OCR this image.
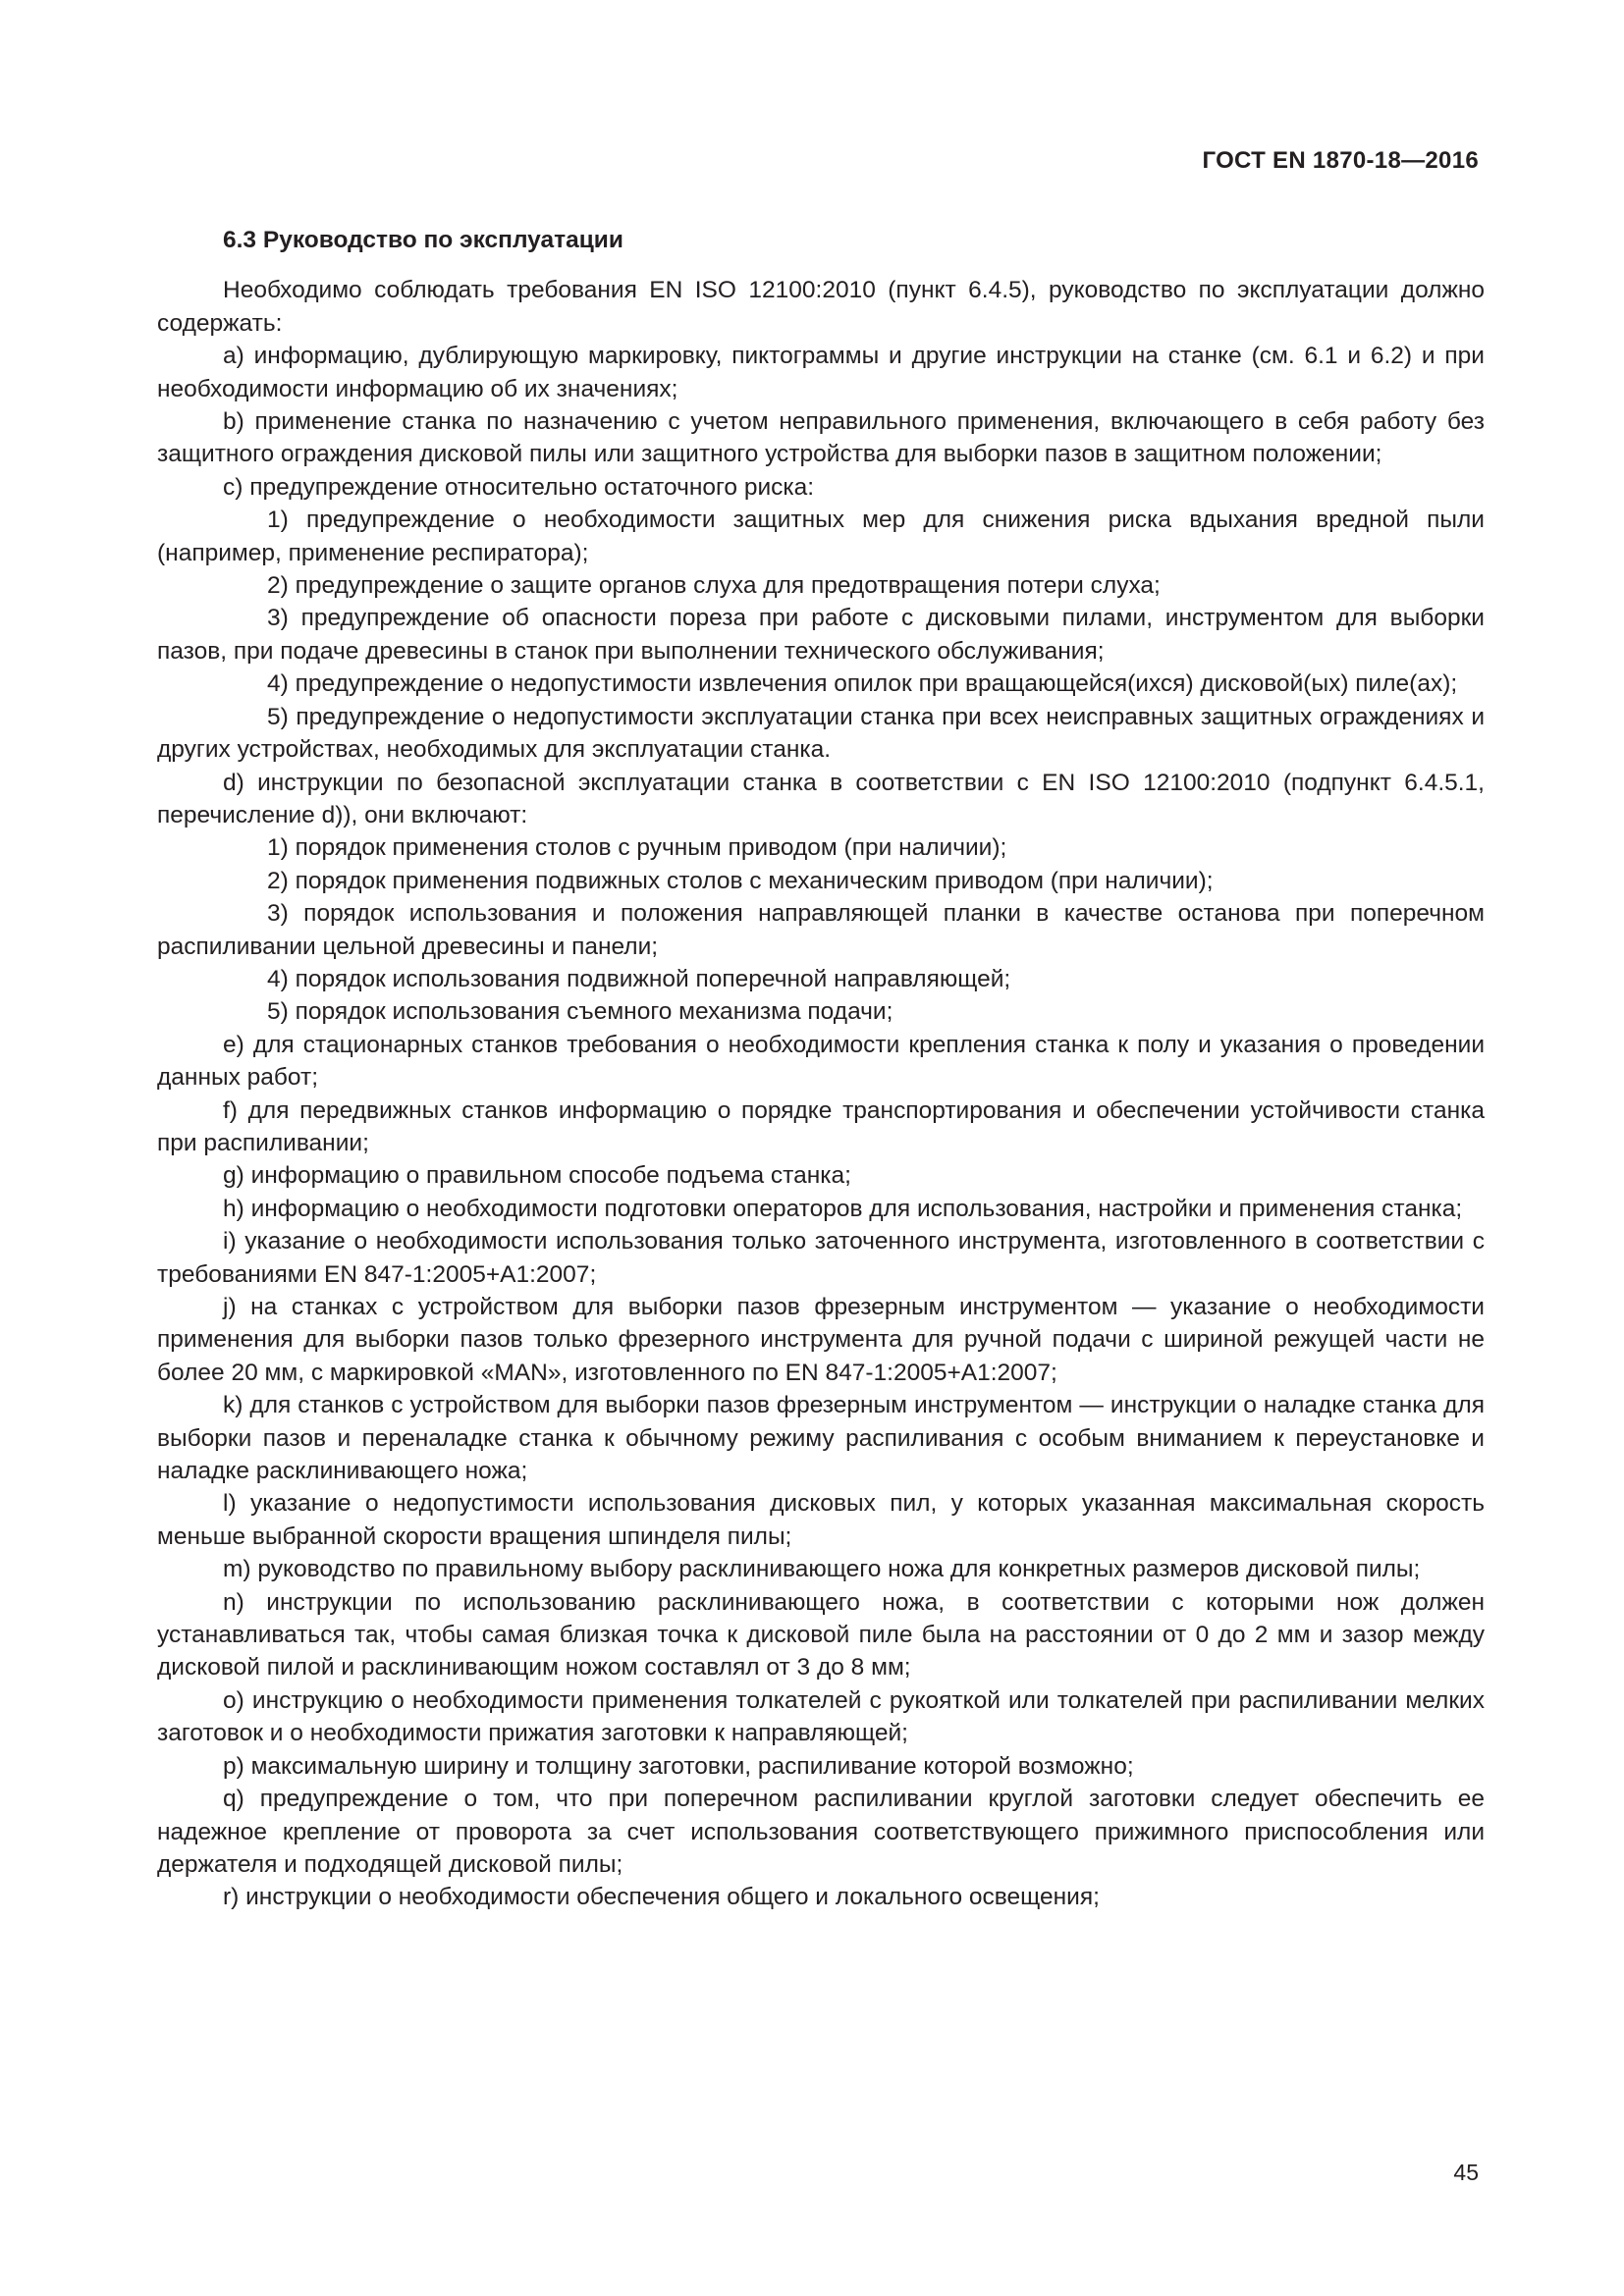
ГОСТ EN 1870-18—2016
6.3 Руководство по эксплуатации

Необходимо соблюдать требования EN ISO 12100:2010 (пункт 6.4.5), руководство по эксплуатации должно содержать:

a) информацию, дублирующую маркировку, пиктограммы и другие инструкции на станке (см. 6.1 и 6.2) и при необходимости информацию об их значениях;

b) применение станка по назначению с учетом неправильного применения, включающего в себя работу без защитного ограждения дисковой пилы или защитного устройства для выборки пазов в защитном положении;

c) предупреждение относительно остаточного риска:

1) предупреждение о необходимости защитных мер для снижения риска вдыхания вредной пыли (например, применение респиратора);

2) предупреждение о защите органов слуха для предотвращения потери слуха;

3) предупреждение об опасности пореза при работе с дисковыми пилами, инструментом для выборки пазов, при подаче древесины в станок при выполнении технического обслуживания;

4) предупреждение о недопустимости извлечения опилок при вращающейся(ихся) дисковой(ых) пиле(ах);

5) предупреждение о недопустимости эксплуатации станка при всех неисправных защитных ограждениях и других устройствах, необходимых для эксплуатации станка.

d) инструкции по безопасной эксплуатации станка в соответствии с EN ISO 12100:2010 (подпункт 6.4.5.1, перечисление d)), они включают:

1) порядок применения столов с ручным приводом (при наличии);

2) порядок применения подвижных столов с механическим приводом (при наличии);

3) порядок использования и положения направляющей планки в качестве останова при поперечном распиливании цельной древесины и панели;

4) порядок использования подвижной поперечной направляющей;

5) порядок использования съемного механизма подачи;

e) для стационарных станков требования о необходимости крепления станка к полу и указания о проведении данных работ;

f) для передвижных станков информацию о порядке транспортирования и обеспечении устойчивости станка при распиливании;

g) информацию о правильном способе подъема станка;

h) информацию о необходимости подготовки операторов для использования, настройки и применения станка;

i) указание о необходимости использования только заточенного инструмента, изготовленного в соответствии с требованиями EN 847-1:2005+A1:2007;

j) на станках с устройством для выборки пазов фрезерным инструментом — указание о необходимости применения для выборки пазов только фрезерного инструмента для ручной подачи с шириной режущей части не более 20 мм, с маркировкой «MAN», изготовленного по EN 847-1:2005+A1:2007;

k) для станков с устройством для выборки пазов фрезерным инструментом — инструкции о наладке станка для выборки пазов и переналадке станка к обычному режиму распиливания с особым вниманием к переустановке и наладке расклинивающего ножа;

l) указание о недопустимости использования дисковых пил, у которых указанная максимальная скорость меньше выбранной скорости вращения шпинделя пилы;

m) руководство по правильному выбору расклинивающего ножа для конкретных размеров дисковой пилы;

n) инструкции по использованию расклинивающего ножа, в соответствии с которыми нож должен устанавливаться так, чтобы самая близкая точка к дисковой пиле была на расстоянии от 0 до 2 мм и зазор между дисковой пилой и расклинивающим ножом составлял от 3 до 8 мм;

o) инструкцию о необходимости применения толкателей с рукояткой или толкателей при распиливании мелких заготовок и о необходимости прижатия заготовки к направляющей;

p) максимальную ширину и толщину заготовки, распиливание которой возможно;

q) предупреждение о том, что при поперечном распиливании круглой заготовки следует обеспечить ее надежное крепление от проворота за счет использования соответствующего прижимного приспособления или держателя и подходящей дисковой пилы;

r) инструкции о необходимости обеспечения общего и локального освещения;

45
